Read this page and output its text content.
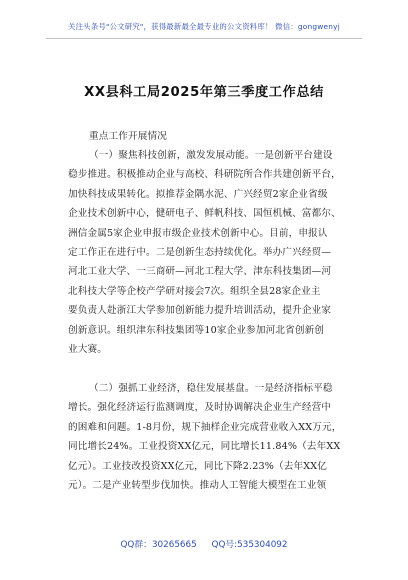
关注头条号"公文研究"，获得最新最全最专业的公文资料库！ 微信：gongwenyj
XX县科工局2025年第三季度工作总结
重点工作开展情况
（一）聚焦科技创新，激发发展动能。一是创新平台建设
稳步推进。积极推动企业与高校、科研院所合作共建创新平台，
加快科技成果转化。拟推荐金隅水泥、广兴经贸2家企业省级
企业技术创新中心，健研电子、鲜帆科技、国恒机械、富都尔、
洲信金属5家企业申报市级企业技术创新中心。目前，申报认
定工作正在进行中。二是创新生态持续优化。举办广兴经贸—
河北工业大学、一三商研—河北工程大学、津东科技集团—河
北科技大学等企校产学研对接会7次。组织全县28家企业主
要负责人赴浙江大学参加创新能力提升培训活动，提升企业家
创新意识。组织津东科技集团等10家企业参加河北省创新创
业大赛。
（二）强抓工业经济，稳住发展基盘。一是经济指标平稳
增长。强化经济运行监测调度，及时协调解决企业生产经营中
的困难和问题。1-8月份，规下抽样企业完成营业收入XX万元，
同比增长24%。工业投资XX亿元，同比增长11.84%（去年XX
亿元）。工业技改投资XX亿元，同比下降2.23%（去年XX亿
元）。二是产业转型步伐加快。推动人工智能大模型在工业领
QQ群：30265665 QQ号:535304092
